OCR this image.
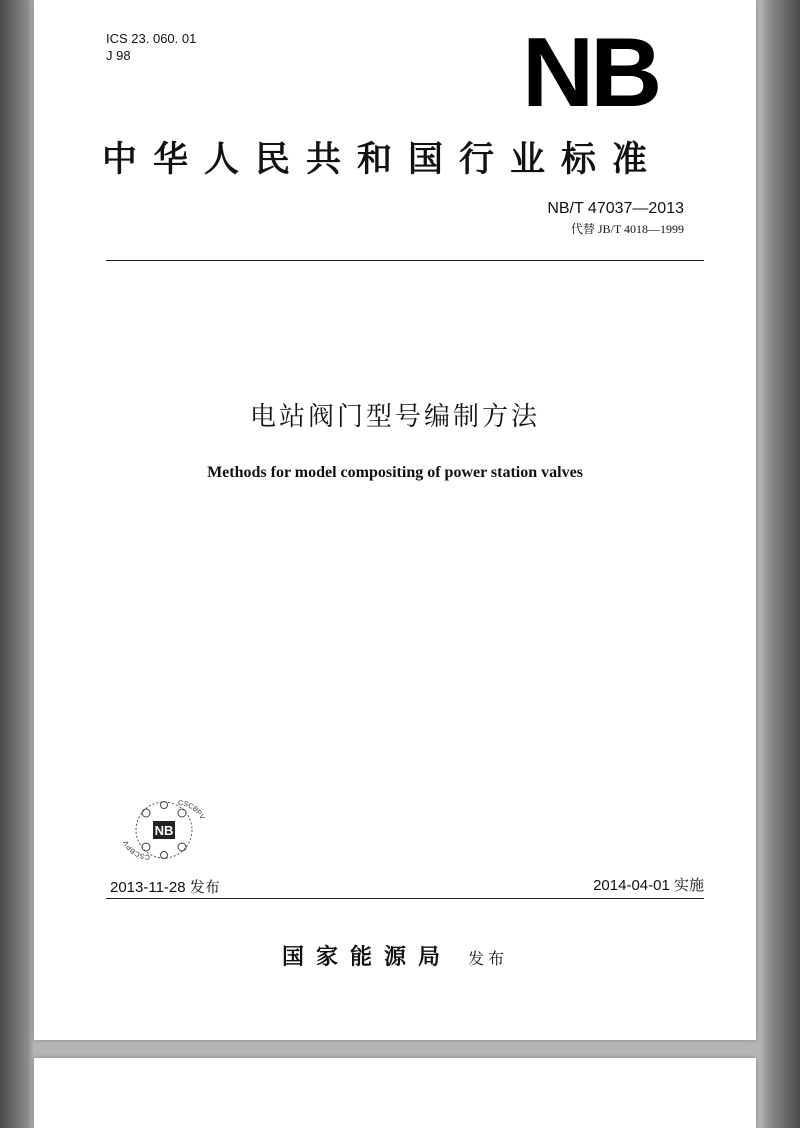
ICS 23. 060. 01
J 98	NB
中华人民共和国行业标准
NB/T 47037—2013
代替 JB/T 4018—1999
电站阀门型号编制方法
Methods for model compositing of power station valves
CSCBPV
CSCBPV
NB
2013-11-28 发布	2014-04-01 实施
国家能源局 发布
